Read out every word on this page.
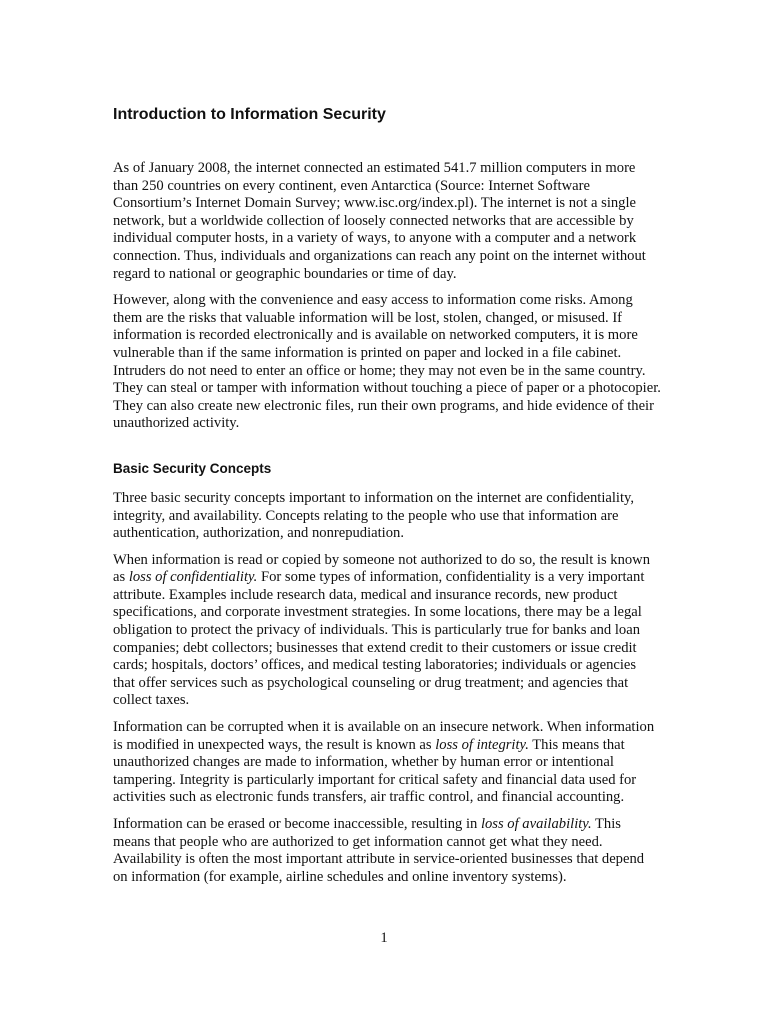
Introduction to Information Security

As of January 2008, the internet connected an estimated 541.7 million computers in more than 250 countries on every continent, even Antarctica (Source: Internet Software Consortium’s Internet Domain Survey; www.isc.org/index.pl). The internet is not a single network, but a worldwide collection of loosely connected networks that are accessible by individual computer hosts, in a variety of ways, to anyone with a computer and a network connection. Thus, individuals and organizations can reach any point on the internet without regard to national or geographic boundaries or time of day.

However, along with the convenience and easy access to information come risks. Among them are the risks that valuable information will be lost, stolen, changed, or misused. If information is recorded electronically and is available on networked computers, it is more vulnerable than if the same information is printed on paper and locked in a file cabinet. Intruders do not need to enter an office or home; they may not even be in the same country. They can steal or tamper with information without touching a piece of paper or a photocopier. They can also create new electronic files, run their own programs, and hide evidence of their unauthorized activity.

Basic Security Concepts

Three basic security concepts important to information on the internet are confidentiality, integrity, and availability. Concepts relating to the people who use that information are authentication, authorization, and nonrepudiation.

When information is read or copied by someone not authorized to do so, the result is known as loss of confidentiality. For some types of information, confidentiality is a very important attribute. Examples include research data, medical and insurance records, new product specifications, and corporate investment strategies. In some locations, there may be a legal obligation to protect the privacy of individuals. This is particularly true for banks and loan companies; debt collectors; businesses that extend credit to their customers or issue credit cards; hospitals, doctors’ offices, and medical testing laboratories; individuals or agencies that offer services such as psychological counseling or drug treatment; and agencies that collect taxes.

Information can be corrupted when it is available on an insecure network. When information is modified in unexpected ways, the result is known as loss of integrity. This means that unauthorized changes are made to information, whether by human error or intentional tampering. Integrity is particularly important for critical safety and financial data used for activities such as electronic funds transfers, air traffic control, and financial accounting.

Information can be erased or become inaccessible, resulting in loss of availability. This means that people who are authorized to get information cannot get what they need. Availability is often the most important attribute in service-oriented businesses that depend on information (for example, airline schedules and online inventory systems).

1
